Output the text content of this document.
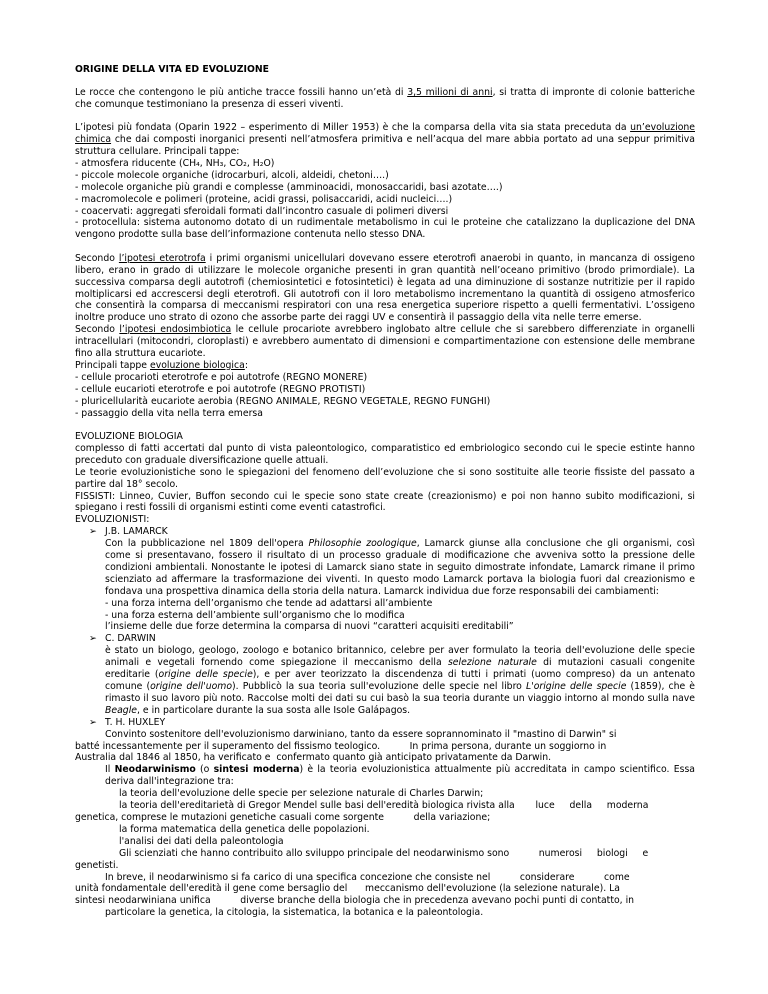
ORIGINE DELLA VITA ED EVOLUZIONE

Le rocce che contengono le più antiche tracce fossili hanno un’età di 3,5 milioni di anni, si tratta di impronte di colonie batteriche che comunque testimoniano la presenza di esseri viventi.

L’ipotesi più fondata (Oparin 1922 – esperimento di Miller 1953) è che la comparsa della vita sia stata preceduta da un’evoluzione chimica che dai composti inorganici presenti nell’atmosfera primitiva e nell’acqua del mare abbia portato ad una seppur primitiva struttura cellulare. Principali tappe:

- atmosfera riducente (CH₄, NH₃, CO₂, H₂O)

- piccole molecole organiche (idrocarburi, alcoli, aldeidi, chetoni….)

- molecole organiche più grandi e complesse (amminoacidi, monosaccaridi, basi azotate….)

- macromolecole e polimeri (proteine, acidi grassi, polisaccaridi, acidi nucleici….)

- coacervati: aggregati sferoidali formati dall’incontro casuale di polimeri diversi

- protocellula: sistema autonomo dotato di un rudimentale metabolismo in cui le proteine che catalizzano la duplicazione del DNA vengono prodotte sulla base dell’informazione contenuta nello stesso DNA.

Secondo l’ipotesi eterotrofa i primi organismi unicellulari dovevano essere eterotrofi anaerobi in quanto, in mancanza di ossigeno libero, erano in grado di utilizzare le molecole organiche presenti in gran quantità nell’oceano primitivo (brodo primordiale). La successiva comparsa degli autotrofi (chemiosintetici e fotosintetici) è legata ad una diminuzione di sostanze nutritizie per il rapido moltiplicarsi ed accrescersi degli eterotrofi. Gli autotrofi con il loro metabolismo incrementano la quantità di ossigeno atmosferico che consentirà la comparsa di meccanismi respiratori con una resa energetica superiore rispetto a quelli fermentativi. L’ossigeno inoltre produce uno strato di ozono che assorbe parte dei raggi UV e consentirà il passaggio della vita nelle terre emerse.

Secondo l’ipotesi endosimbiotica le cellule procariote avrebbero inglobato altre cellule che si sarebbero differenziate in organelli intracellulari (mitocondri, cloroplasti) e avrebbero aumentato di dimensioni e compartimentazione con estensione delle membrane fino alla struttura eucariote.

Principali tappe evoluzione biologica:

- cellule procarioti eterotrofe e poi autotrofe (REGNO MONERE)

- cellule eucarioti eterotrofe e poi autotrofe (REGNO PROTISTI)

- pluricellularità eucariote aerobia (REGNO ANIMALE, REGNO VEGETALE, REGNO FUNGHI)

- passaggio della vita nella terra emersa

EVOLUZIONE BIOLOGIA

complesso di fatti accertati dal punto di vista paleontologico, comparatistico ed embriologico secondo cui le specie estinte hanno preceduto con graduale diversificazione quelle attuali.

Le teorie evoluzionistiche sono le spiegazioni del fenomeno dell’evoluzione che si sono sostituite alle teorie fissiste del passato a partire dal 18° secolo.

FISSISTI: Linneo, Cuvier, Buffon secondo cui le specie sono state create (creazionismo) e poi non hanno subito modificazioni, si spiegano i resti fossili di organismi estinti come eventi catastrofici.

EVOLUZIONISTI:

➢ J.B. LAMARCK

Con la pubblicazione nel 1809 dell'opera Philosophie zoologique, Lamarck giunse alla conclusione che gli organismi, così come si presentavano, fossero il risultato di un processo graduale di modificazione che avveniva sotto la pressione delle condizioni ambientali. Nonostante le ipotesi di Lamarck siano state in seguito dimostrate infondate, Lamarck rimane il primo scienziato ad affermare la trasformazione dei viventi. In questo modo Lamarck portava la biologia fuori dal creazionismo e fondava una prospettiva dinamica della storia della natura. Lamarck individua due forze responsabili dei cambiamenti:

- una forza interna dell’organismo che tende ad adattarsi all’ambiente

- una forza esterna dell’ambiente sull’organismo che lo modifica

l’insieme delle due forze determina la comparsa di nuovi “caratteri acquisiti ereditabili”

➢ C. DARWIN

è stato un biologo, geologo, zoologo e botanico britannico, celebre per aver formulato la teoria dell'evoluzione delle specie animali e vegetali fornendo come spiegazione il meccanismo della selezione naturale di mutazioni casuali congenite ereditarie (origine delle specie), e per aver teorizzato la discendenza di tutti i primati (uomo compreso) da un antenato comune (origine dell'uomo). Pubblicò la sua teoria sull'evoluzione delle specie nel libro L'origine delle specie (1859), che è rimasto il suo lavoro più noto. Raccolse molti dei dati su cui basò la sua teoria durante un viaggio intorno al mondo sulla nave Beagle, e in particolare durante la sua sosta alle Isole Galápagos.

➢ T. H. HUXLEY

Convinto sostenitore dell'evoluzionismo darwiniano, tanto da essere soprannominato il "mastino di Darwin" si

batté incessantemente per il superamento del fissismo teologico.          In prima persona, durante un soggiorno in

Australia dal 1846 al 1850, ha verificato e  confermato quanto già anticipato privatamente da Darwin.

Il Neodarwinismo (o sintesi moderna) è la teoria evoluzionistica attualmente più accreditata in campo scientifico. Essa deriva dall'integrazione tra:

la teoria dell'evoluzione delle specie per selezione naturale di Charles Darwin;

la teoria dell'ereditarietà di Gregor Mendel sulle basi dell'eredità biologica rivista alla       luce     della     moderna

genetica, comprese le mutazioni genetiche casuali come sorgente          della variazione;

la forma matematica della genetica delle popolazioni.

l'analisi dei dati della paleontologia

Gli scienziati che hanno contribuito allo sviluppo principale del neodarwinismo sono          numerosi     biologi     e

genetisti.

In breve, il neodarwinismo si fa carico di una specifica concezione che consiste nel          considerare          come

unità fondamentale dell'eredità il gene come bersaglio del      meccanismo dell'evoluzione (la selezione naturale). La

sintesi neodarwiniana unifica          diverse branche della biologia che in precedenza avevano pochi punti di contatto, in

particolare la genetica, la citologia, la sistematica, la botanica e la paleontologia.
